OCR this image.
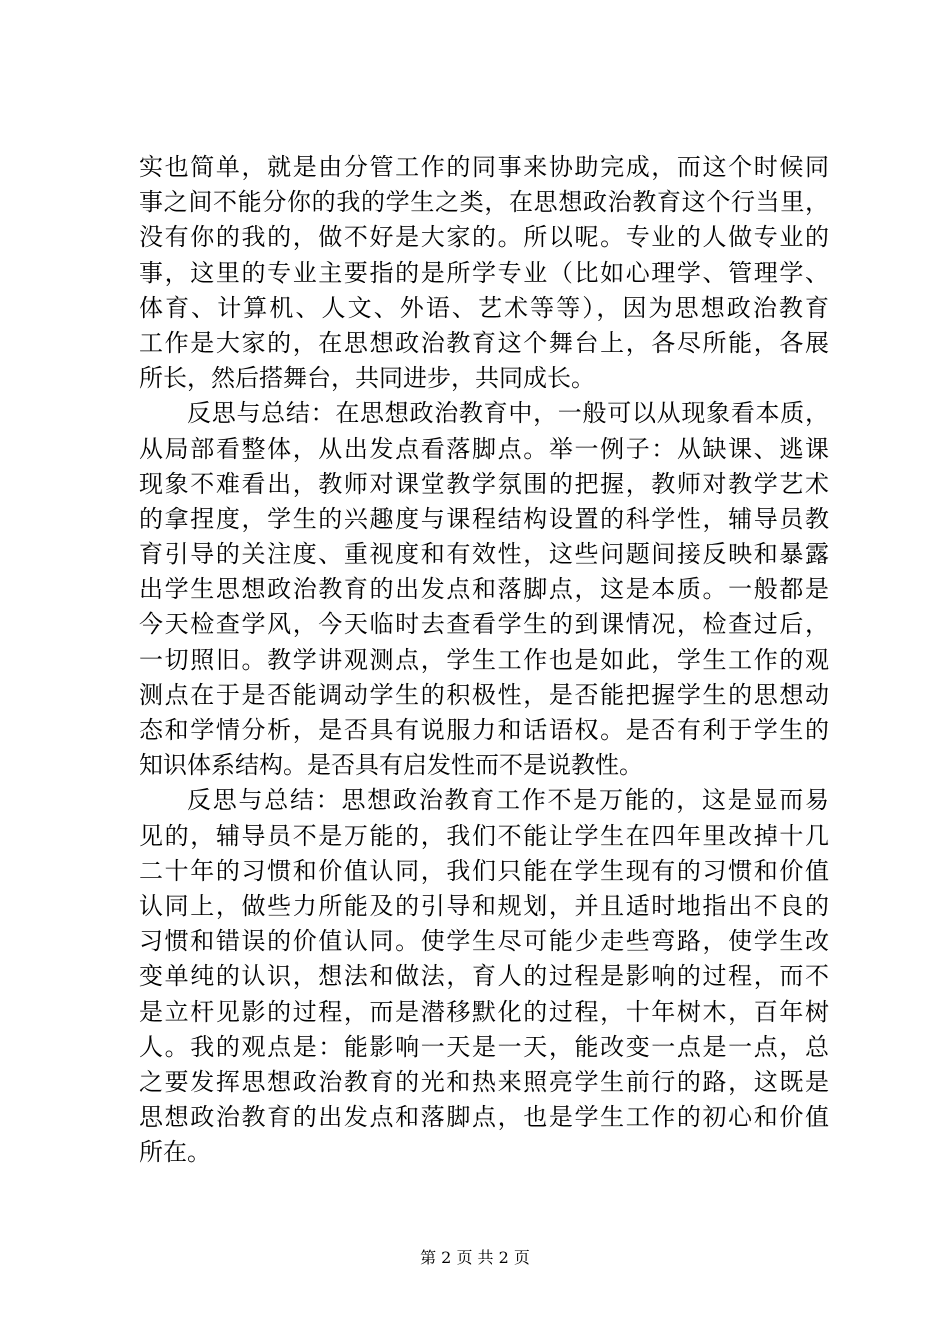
实也简单，就是由分管工作的同事来协助完成，而这个时候同
事之间不能分你的我的学生之类，在思想政治教育这个行当里，
没有你的我的，做不好是大家的。所以呢。专业的人做专业的
事，这里的专业主要指的是所学专业（比如心理学、管理学、
体育、计算机、人文、外语、艺术等等），因为思想政治教育
工作是大家的，在思想政治教育这个舞台上，各尽所能，各展
所长，然后搭舞台，共同进步，共同成长。
反思与总结：在思想政治教育中，一般可以从现象看本质，
从局部看整体，从出发点看落脚点。举一例子：从缺课、逃课
现象不难看出，教师对课堂教学氛围的把握，教师对教学艺术
的拿捏度，学生的兴趣度与课程结构设置的科学性，辅导员教
育引导的关注度、重视度和有效性，这些问题间接反映和暴露
出学生思想政治教育的出发点和落脚点，这是本质。一般都是
今天检查学风，今天临时去查看学生的到课情况，检查过后，
一切照旧。教学讲观测点，学生工作也是如此，学生工作的观
测点在于是否能调动学生的积极性，是否能把握学生的思想动
态和学情分析，是否具有说服力和话语权。是否有利于学生的
知识体系结构。是否具有启发性而不是说教性。
反思与总结：思想政治教育工作不是万能的，这是显而易
见的，辅导员不是万能的，我们不能让学生在四年里改掉十几
二十年的习惯和价值认同，我们只能在学生现有的习惯和价值
认同上，做些力所能及的引导和规划，并且适时地指出不良的
习惯和错误的价值认同。使学生尽可能少走些弯路，使学生改
变单纯的认识，想法和做法，育人的过程是影响的过程，而不
是立杆见影的过程，而是潜移默化的过程，十年树木，百年树
人。我的观点是：能影响一天是一天，能改变一点是一点，总
之要发挥思想政治教育的光和热来照亮学生前行的路，这既是
思想政治教育的出发点和落脚点，也是学生工作的初心和价值
所在。
第 2 页 共 2 页
